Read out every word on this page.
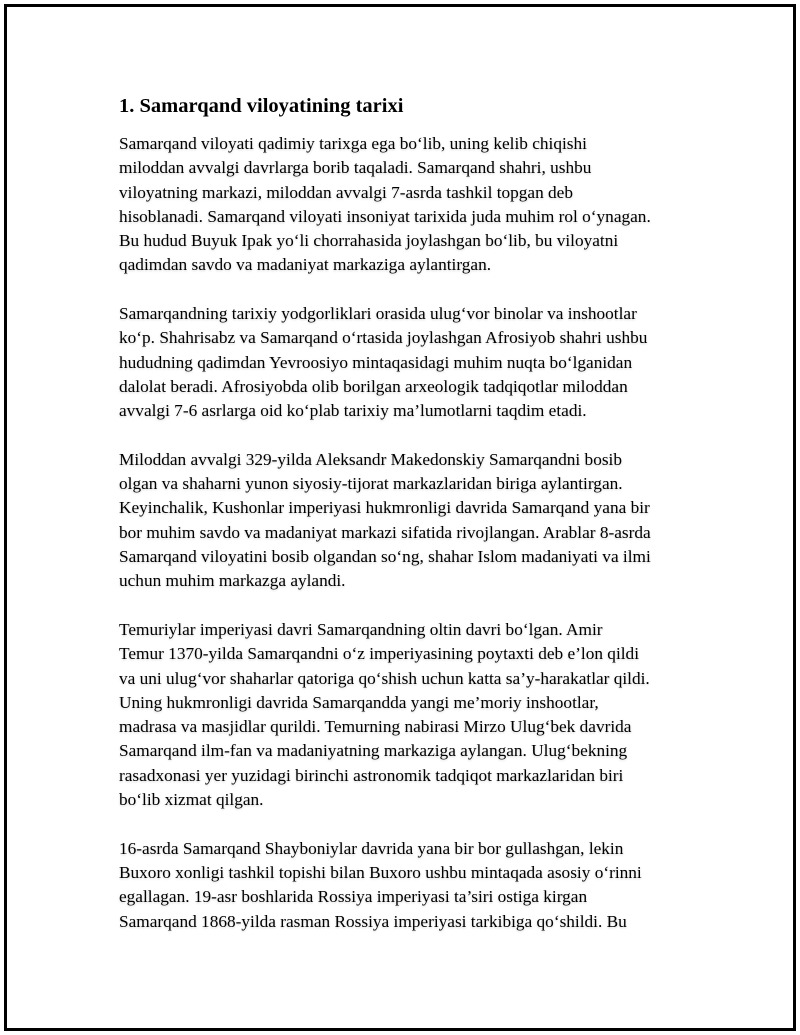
1. Samarqand viloyatining tarixi

Samarqand viloyati qadimiy tarixga ega bo‘lib, uning kelib chiqishi
miloddan avvalgi davrlarga borib taqaladi. Samarqand shahri, ushbu
viloyatning markazi, miloddan avvalgi 7-asrda tashkil topgan deb
hisoblanadi. Samarqand viloyati insoniyat tarixida juda muhim rol o‘ynagan.
Bu hudud Buyuk Ipak yo‘li chorrahasida joylashgan bo‘lib, bu viloyatni
qadimdan savdo va madaniyat markaziga aylantirgan.

Samarqandning tarixiy yodgorliklari orasida ulug‘vor binolar va inshootlar
ko‘p. Shahrisabz va Samarqand o‘rtasida joylashgan Afrosiyob shahri ushbu
hududning qadimdan Yevroosiyo mintaqasidagi muhim nuqta bo‘lganidan
dalolat beradi. Afrosiyobda olib borilgan arxeologik tadqiqotlar miloddan
avvalgi 7-6 asrlarga oid ko‘plab tarixiy ma’lumotlarni taqdim etadi.

Miloddan avvalgi 329-yilda Aleksandr Makedonskiy Samarqandni bosib
olgan va shaharni yunon siyosiy-tijorat markazlaridan biriga aylantirgan.
Keyinchalik, Kushonlar imperiyasi hukmronligi davrida Samarqand yana bir
bor muhim savdo va madaniyat markazi sifatida rivojlangan. Arablar 8-asrda
Samarqand viloyatini bosib olgandan so‘ng, shahar Islom madaniyati va ilmi
uchun muhim markazga aylandi.

Temuriylar imperiyasi davri Samarqandning oltin davri bo‘lgan. Amir
Temur 1370-yilda Samarqandni o‘z imperiyasining poytaxti deb e’lon qildi
va uni ulug‘vor shaharlar qatoriga qo‘shish uchun katta sa’y-harakatlar qildi.
Uning hukmronligi davrida Samarqandda yangi me’moriy inshootlar,
madrasa va masjidlar qurildi. Temurning nabirasi Mirzo Ulug‘bek davrida
Samarqand ilm-fan va madaniyatning markaziga aylangan. Ulug‘bekning
rasadxonasi yer yuzidagi birinchi astronomik tadqiqot markazlaridan biri
bo‘lib xizmat qilgan.

16-asrda Samarqand Shayboniylar davrida yana bir bor gullashgan, lekin
Buxoro xonligi tashkil topishi bilan Buxoro ushbu mintaqada asosiy o‘rinni
egallagan. 19-asr boshlarida Rossiya imperiyasi ta’siri ostiga kirgan
Samarqand 1868-yilda rasman Rossiya imperiyasi tarkibiga qo‘shildi. Bu
